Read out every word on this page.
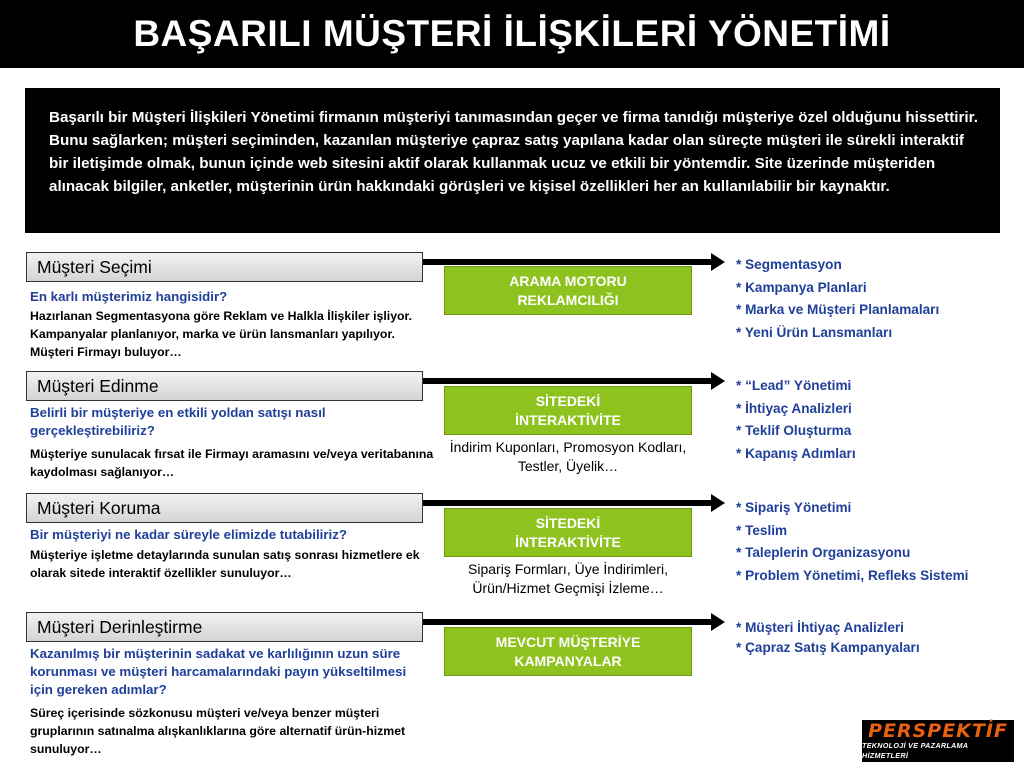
BAŞARILI MÜŞTERİ İLİŞKİLERİ YÖNETİMİ
Başarılı bir Müşteri İlişkileri Yönetimi firmanın müşteriyi tanımasından geçer ve firma tanıdığı müşteriye özel olduğunu hissettirir. Bunu sağlarken; müşteri seçiminden, kazanılan müşteriye çapraz satış yapılana kadar olan süreçte müşteri ile sürekli interaktif bir iletişimde olmak, bunun içinde web sitesini aktif olarak kullanmak ucuz ve etkili bir yöntemdir. Site üzerinde müşteriden alınacak bilgiler, anketler, müşterinin ürün hakkındaki görüşleri ve kişisel özellikleri her an kullanılabilir bir kaynaktır.
Müşteri Seçimi
En karlı müşterimiz hangisidir?
Hazırlanan Segmentasyona göre Reklam ve Halkla İlişkiler işliyor. Kampanyalar planlanıyor, marka ve ürün lansmanları yapılıyor. Müşteri Firmayı buluyor…
ARAMA MOTORU
REKLAMCILIĞI
* Segmentasyon
* Kampanya Planlari
* Marka ve Müşteri Planlamaları
* Yeni Ürün Lansmanları
Müşteri Edinme
Belirli bir müşteriye en etkili yoldan satışı nasıl gerçekleştirebiliriz?
Müşteriye sunulacak fırsat ile Firmayı aramasını ve/veya veritabanına kaydolması sağlanıyor…
SİTEDEKİ
İNTERAKTİVİTE
İndirim Kuponları, Promosyon Kodları, Testler, Üyelik…
* “Lead” Yönetimi
* İhtiyaç Analizleri
* Teklif Oluşturma
* Kapanış Adımları
Müşteri Koruma
Bir müşteriyi ne kadar süreyle elimizde tutabiliriz?
Müşteriye işletme detaylarında sunulan satış sonrası hizmetlere ek olarak sitede interaktif özellikler sunuluyor…
SİTEDEKİ
İNTERAKTİVİTE
Sipariş Formları, Üye İndirimleri, Ürün/Hizmet Geçmişi İzleme…
* Sipariş Yönetimi
* Teslim
* Taleplerin Organizasyonu
* Problem Yönetimi, Refleks Sistemi
Müşteri Derinleştirme
Kazanılmış bir müşterinin sadakat ve karlılığının uzun süre korunması ve müşteri harcamalarındaki payın yükseltilmesi için gereken adımlar?
Süreç içerisinde sözkonusu müşteri ve/veya benzer müşteri gruplarının satınalma alışkanlıklarına göre alternatif ürün-hizmet sunuluyor…
MEVCUT MÜŞTERİYE
KAMPANYALAR
* Müşteri İhtiyaç Analizleri
* Çapraz Satış Kampanyaları
PERSPEKTİF
TEKNOLOJİ VE PAZARLAMA HİZMETLERİ
